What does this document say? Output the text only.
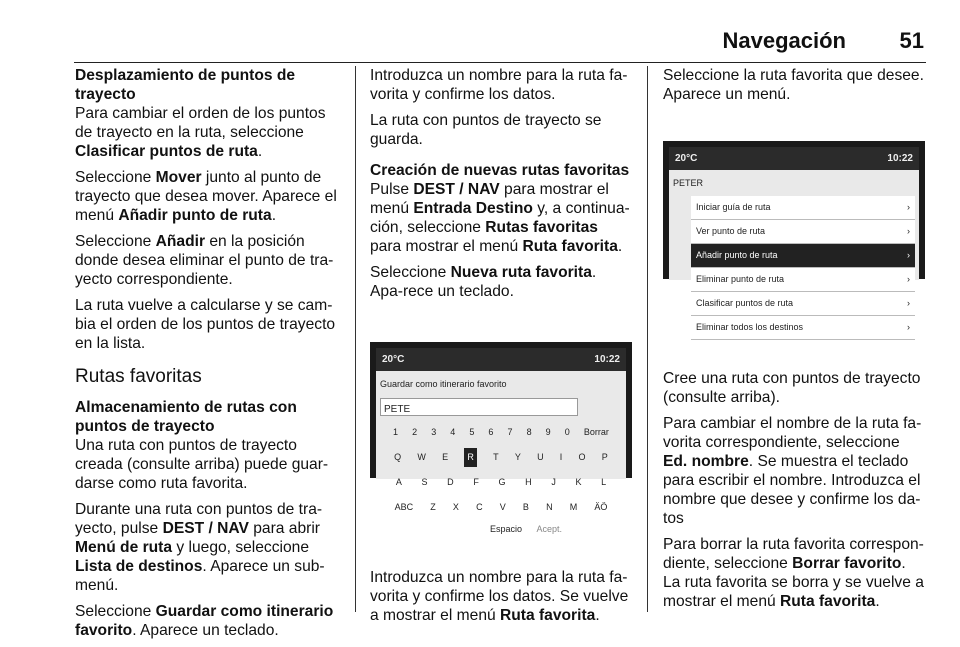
Navegación 51

Desplazamiento de puntos de trayecto

Para cambiar el orden de los puntos de trayecto en la ruta, seleccione Clasificar puntos de ruta.

Seleccione Mover junto al punto de trayecto que desea mover. Aparece el menú Añadir punto de ruta.

Seleccione Añadir en la posición donde desea eliminar el punto de tra-yecto correspondiente.

La ruta vuelve a calcularse y se cam-bia el orden de los puntos de trayecto en la lista.

Rutas favoritas

Almacenamiento de rutas con puntos de trayecto

Una ruta con puntos de trayecto creada (consulte arriba) puede guar-darse como ruta favorita.

Durante una ruta con puntos de tra-yecto, pulse DEST / NAV para abrir Menú de ruta y luego, seleccione Lista de destinos. Aparece un sub-menú.

Seleccione Guardar como itinerario favorito. Aparece un teclado.

Introduzca un nombre para la ruta fa-vorita y confirme los datos.

La ruta con puntos de trayecto se guarda.

Creación de nuevas rutas favoritas

Pulse DEST / NAV para mostrar el menú Entrada Destino y, a continua-ción, seleccione Rutas favoritas para mostrar el menú Ruta favorita.

Seleccione Nueva ruta favorita. Apa-rece un teclado.

20°C	10:22
Guardar como itinerario favorito
PETE
1 2 3 4 5 6 7 8 9 0 Borrar
Q W E	R	T Y U I O P
A S D F G H J K L
ABC Z X C V B N M ÄÖ
Espacio Acept.

Introduzca un nombre para la ruta fa-vorita y confirme los datos. Se vuelve a mostrar el menú Ruta favorita.

Seleccione la ruta favorita que desee. Aparece un menú.

20°C	10:22
PETER
Iniciar guía de ruta	›
Ver punto de ruta	›
Añadir punto de ruta	›
Eliminar punto de ruta	›
Clasificar puntos de ruta	›
Eliminar todos los destinos	›

Cree una ruta con puntos de trayecto (consulte arriba).

Para cambiar el nombre de la ruta fa-vorita correspondiente, seleccione Ed. nombre. Se muestra el teclado para escribir el nombre. Introduzca el nombre que desee y confirme los da-tos

Para borrar la ruta favorita correspon-diente, seleccione Borrar favorito. La ruta favorita se borra y se vuelve a mostrar el menú Ruta favorita.
